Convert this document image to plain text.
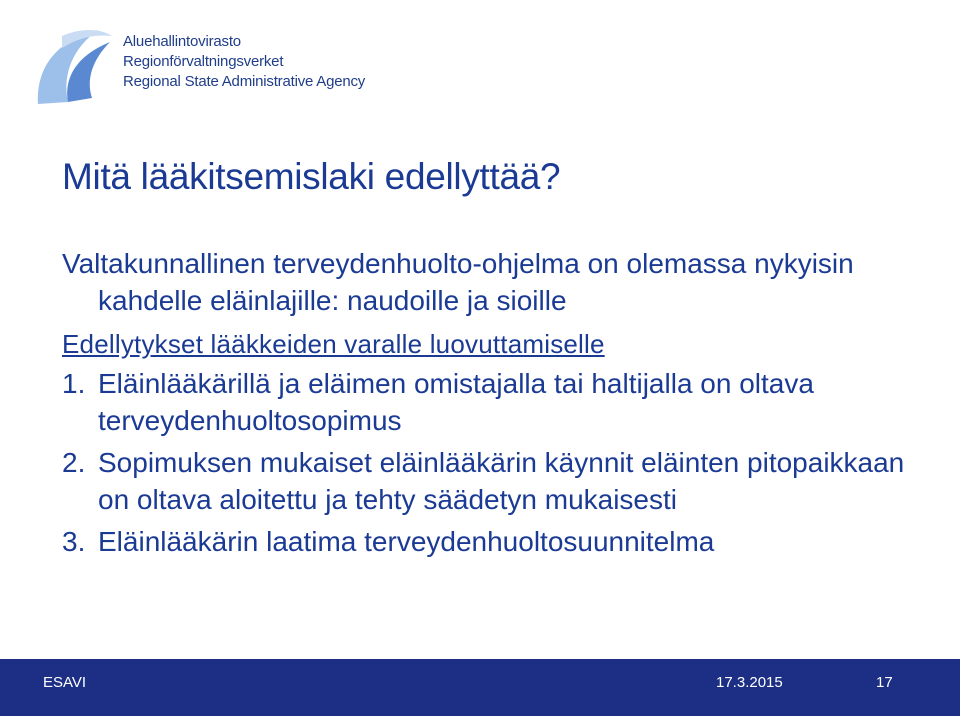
Aluehallintovirasto
Regionförvaltningsverket
Regional State Administrative Agency
Mitä lääkitsemislaki edellyttää?

Valtakunnallinen terveydenhuolto-ohjelma on olemassa nykyisin kahdelle eläinlajille: naudoille ja sioille

Edellytykset lääkkeiden varalle luovuttamiselle

1. Eläinlääkärillä ja eläimen omistajalla tai haltijalla on oltava terveydenhuoltosopimus
2. Sopimuksen mukaiset eläinlääkärin käynnit eläinten pitopaikkaan on oltava aloitettu ja tehty säädetyn mukaisesti
3. Eläinlääkärin laatima terveydenhuoltosuunnitelma
ESAVI	17.3.2015	17
